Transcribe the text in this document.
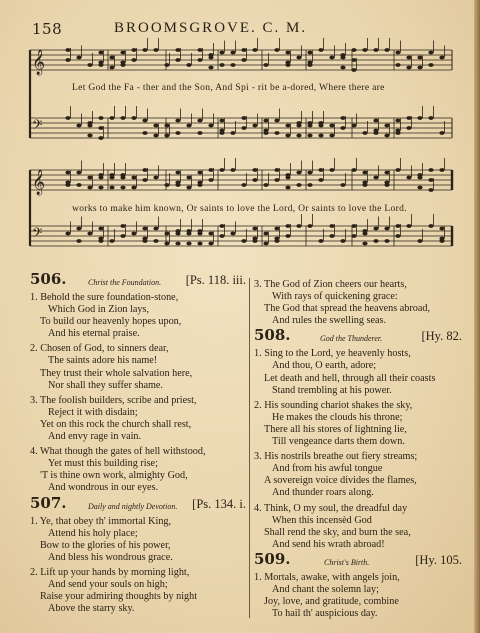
158	BROOMSGROVE. C. M.
𝄞
𝄢
𝄞
𝄢
Let God the Fa - ther and the Son, And Spi - rit be a-dored, Where there are
works to make him known, Or saints to love the Lord, Or saints to love the Lord.
506.	Christ the Foundation. [Ps. 118. iii.
1. Behold the sure foundation-stone,
Which God in Zion lays,
To build our heavenly hopes upon,
And his eternal praise.
2. Chosen of God, to sinners dear,
The saints adore his name!
They trust their whole salvation here,
Nor shall they suffer shame.
3. The foolish builders, scribe and priest,
Reject it with disdain;
Yet on this rock the church shall rest,
And envy rage in vain.
4. What though the gates of hell withstood,
Yet must this building rise;
'T is thine own work, almighty God,
And wondrous in our eyes.
507.	Daily and nightly Devotion. [Ps. 134. i.
1. Ye, that obey th' immortal King,
Attend his holy place;
Bow to the glories of his power,
And bless his wondrous grace.
2. Lift up your hands by morning light,
And send your souls on high;
Raise your admiring thoughts by night
Above the starry sky.
3. The God of Zion cheers our hearts,
With rays of quickening grace:
The God that spread the heavens abroad,
And rules the swelling seas.
508.	God the Thunderer.	[Hy. 82.
1. Sing to the Lord, ye heavenly hosts,
And thou, O earth, adore;
Let death and hell, through all their coasts
Stand trembling at his power.
2. His sounding chariot shakes the sky,
He makes the clouds his throne;
There all his stores of lightning lie,
Till vengeance darts them down.
3. His nostrils breathe out fiery streams;
And from his awful tongue
A sovereign voice divides the flames,
And thunder roars along.
4. Think, O my soul, the dreadful day
When this incensèd God
Shall rend the sky, and burn the sea,
And send his wrath abroad!
509.	Christ's Birth.	[Hy. 105.
1. Mortals, awake, with angels join,
And chant the solemn lay;
Joy, love, and gratitude, combine
To hail th' auspicious day.
